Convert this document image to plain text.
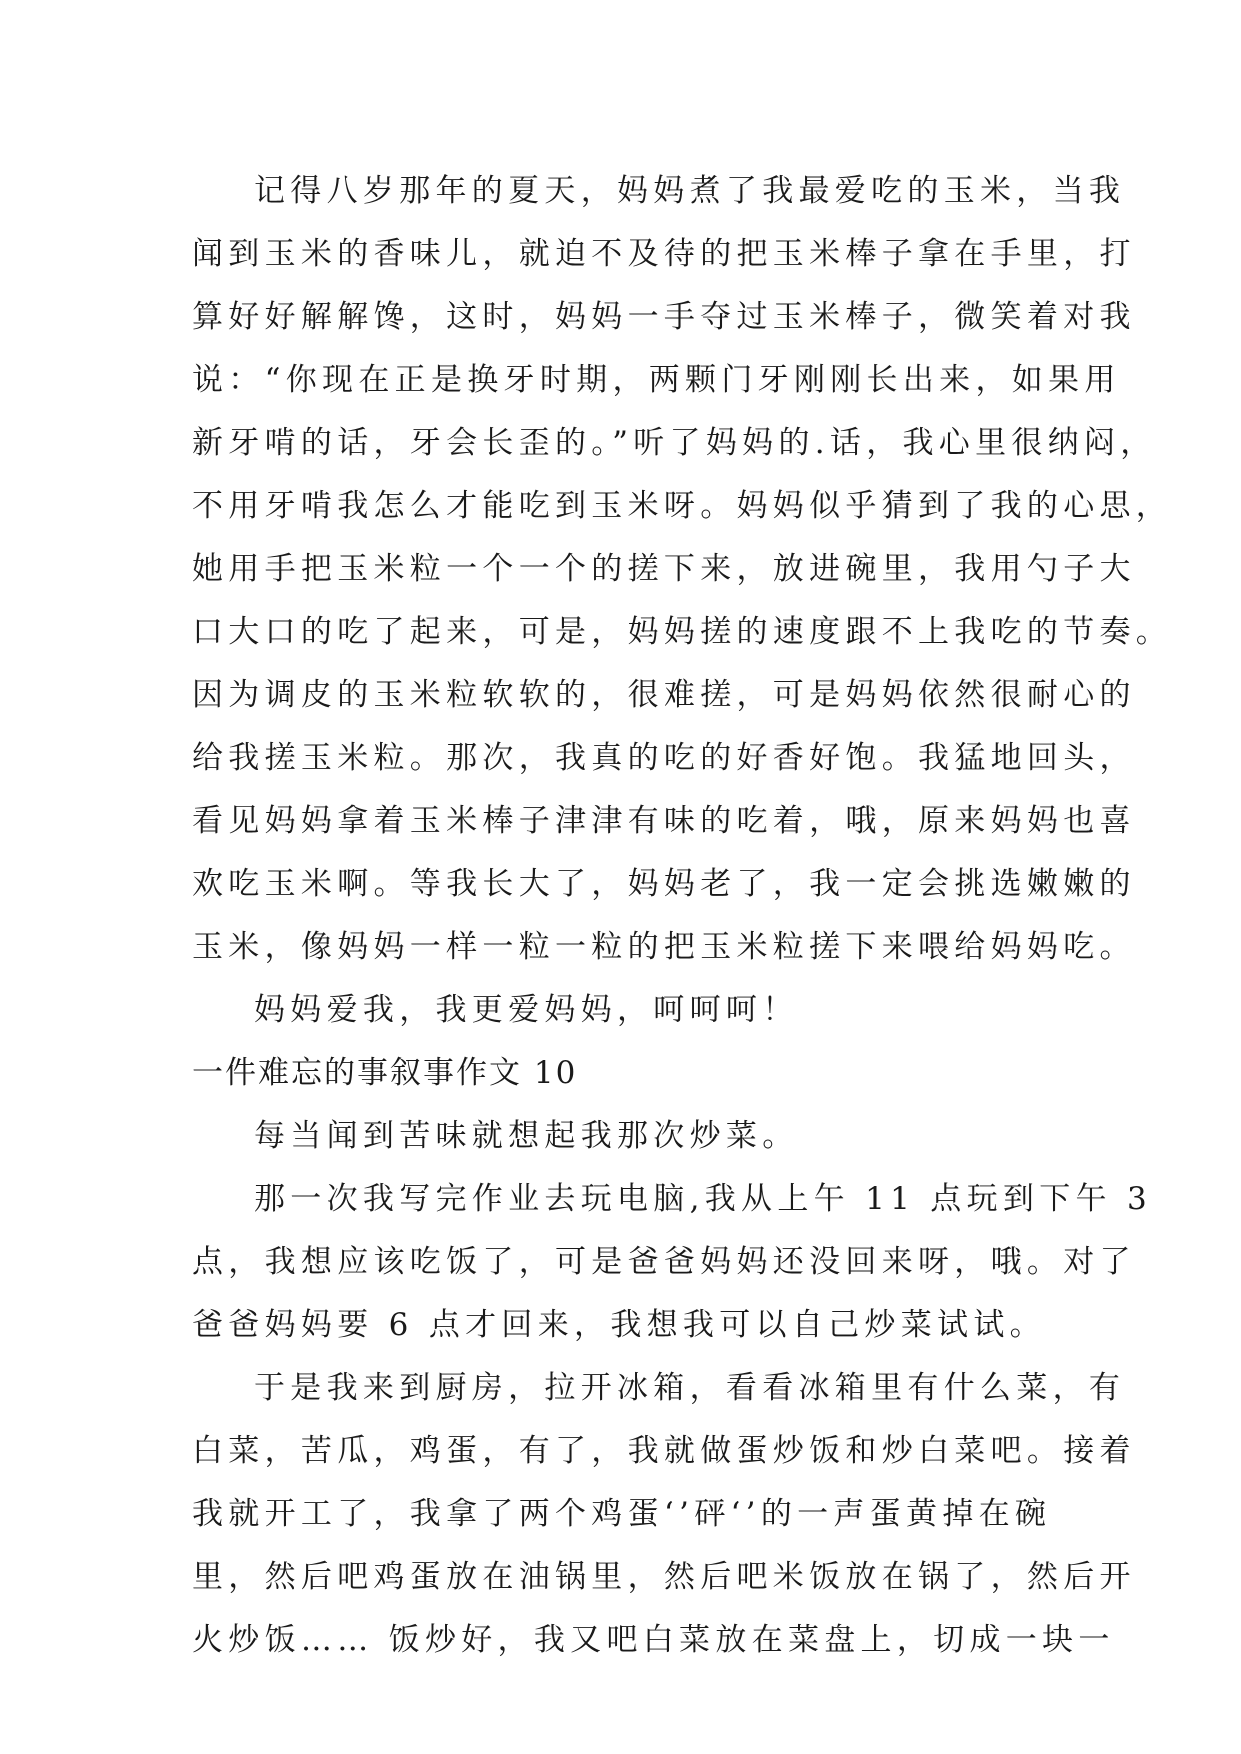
记得八岁那年的夏天，妈妈煮了我最爱吃的玉米，当我
闻到玉米的香味儿，就迫不及待的把玉米棒子拿在手里，打
算好好解解馋，这时，妈妈一手夺过玉米棒子，微笑着对我
说：“你现在正是换牙时期，两颗门牙刚刚长出来，如果用
新牙啃的话，牙会长歪的。”听了妈妈的.话，我心里很纳闷，
不用牙啃我怎么才能吃到玉米呀。妈妈似乎猜到了我的心思，
她用手把玉米粒一个一个的搓下来，放进碗里，我用勺子大
口大口的吃了起来，可是，妈妈搓的速度跟不上我吃的节奏。
因为调皮的玉米粒软软的，很难搓，可是妈妈依然很耐心的
给我搓玉米粒。那次，我真的吃的好香好饱。我猛地回头，
看见妈妈拿着玉米棒子津津有味的吃着，哦，原来妈妈也喜
欢吃玉米啊。等我长大了，妈妈老了，我一定会挑选嫩嫩的
玉米，像妈妈一样一粒一粒的把玉米粒搓下来喂给妈妈吃。
妈妈爱我，我更爱妈妈，呵呵呵！
一件难忘的事叙事作文 10
每当闻到苦味就想起我那次炒菜。
那一次我写完作业去玩电脑,我从上午 11 点玩到下午 3
点，我想应该吃饭了，可是爸爸妈妈还没回来呀，哦。对了
爸爸妈妈要 6 点才回来，我想我可以自己炒菜试试。
于是我来到厨房，拉开冰箱，看看冰箱里有什么菜，有
白菜，苦瓜，鸡蛋，有了，我就做蛋炒饭和炒白菜吧。接着
我就开工了，我拿了两个鸡蛋‘’砰‘’的一声蛋黄掉在碗
里，然后吧鸡蛋放在油锅里，然后吧米饭放在锅了，然后开
火炒饭…… 饭炒好，我又吧白菜放在菜盘上，切成一块一
